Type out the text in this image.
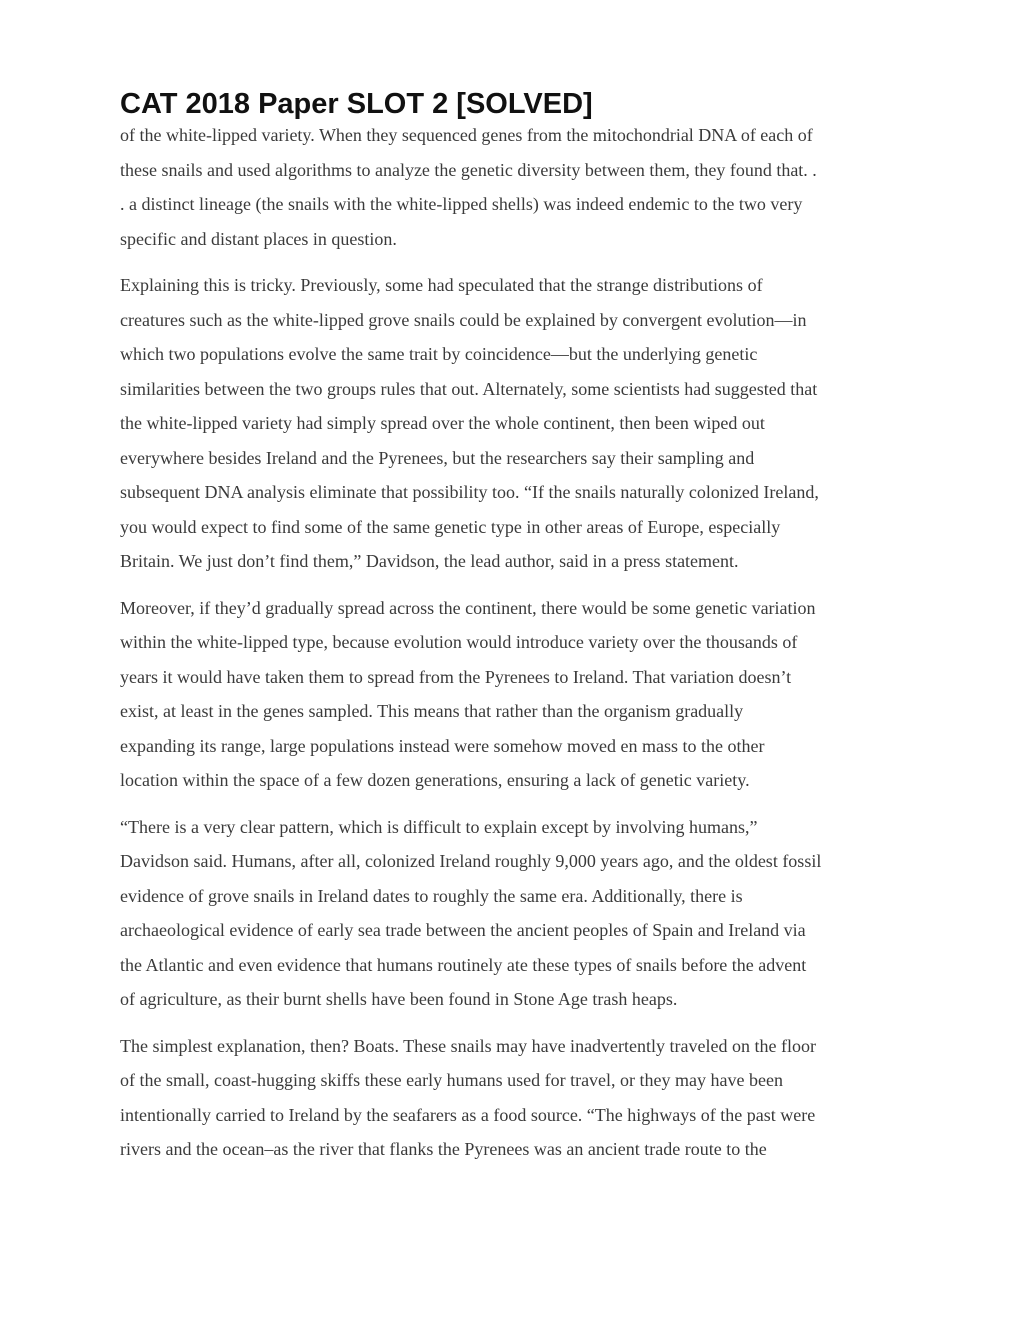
CAT 2018 Paper SLOT 2 [SOLVED]

of the white-lipped variety. When they sequenced genes from the mitochondrial DNA of each of
these snails and used algorithms to analyze the genetic diversity between them, they found that. .
. a distinct lineage (the snails with the white-lipped shells) was indeed endemic to the two very
specific and distant places in question.

Explaining this is tricky. Previously, some had speculated that the strange distributions of
creatures such as the white-lipped grove snails could be explained by convergent evolution—in
which two populations evolve the same trait by coincidence—but the underlying genetic
similarities between the two groups rules that out. Alternately, some scientists had suggested that
the white-lipped variety had simply spread over the whole continent, then been wiped out
everywhere besides Ireland and the Pyrenees, but the researchers say their sampling and
subsequent DNA analysis eliminate that possibility too. “If the snails naturally colonized Ireland,
you would expect to find some of the same genetic type in other areas of Europe, especially
Britain. We just don’t find them,” Davidson, the lead author, said in a press statement.

Moreover, if they’d gradually spread across the continent, there would be some genetic variation
within the white-lipped type, because evolution would introduce variety over the thousands of
years it would have taken them to spread from the Pyrenees to Ireland. That variation doesn’t
exist, at least in the genes sampled. This means that rather than the organism gradually
expanding its range, large populations instead were somehow moved en mass to the other
location within the space of a few dozen generations, ensuring a lack of genetic variety.

“There is a very clear pattern, which is difficult to explain except by involving humans,”
Davidson said. Humans, after all, colonized Ireland roughly 9,000 years ago, and the oldest fossil
evidence of grove snails in Ireland dates to roughly the same era. Additionally, there is
archaeological evidence of early sea trade between the ancient peoples of Spain and Ireland via
the Atlantic and even evidence that humans routinely ate these types of snails before the advent
of agriculture, as their burnt shells have been found in Stone Age trash heaps.

The simplest explanation, then? Boats. These snails may have inadvertently traveled on the floor
of the small, coast-hugging skiffs these early humans used for travel, or they may have been
intentionally carried to Ireland by the seafarers as a food source. “The highways of the past were
rivers and the ocean–as the river that flanks the Pyrenees was an ancient trade route to the
